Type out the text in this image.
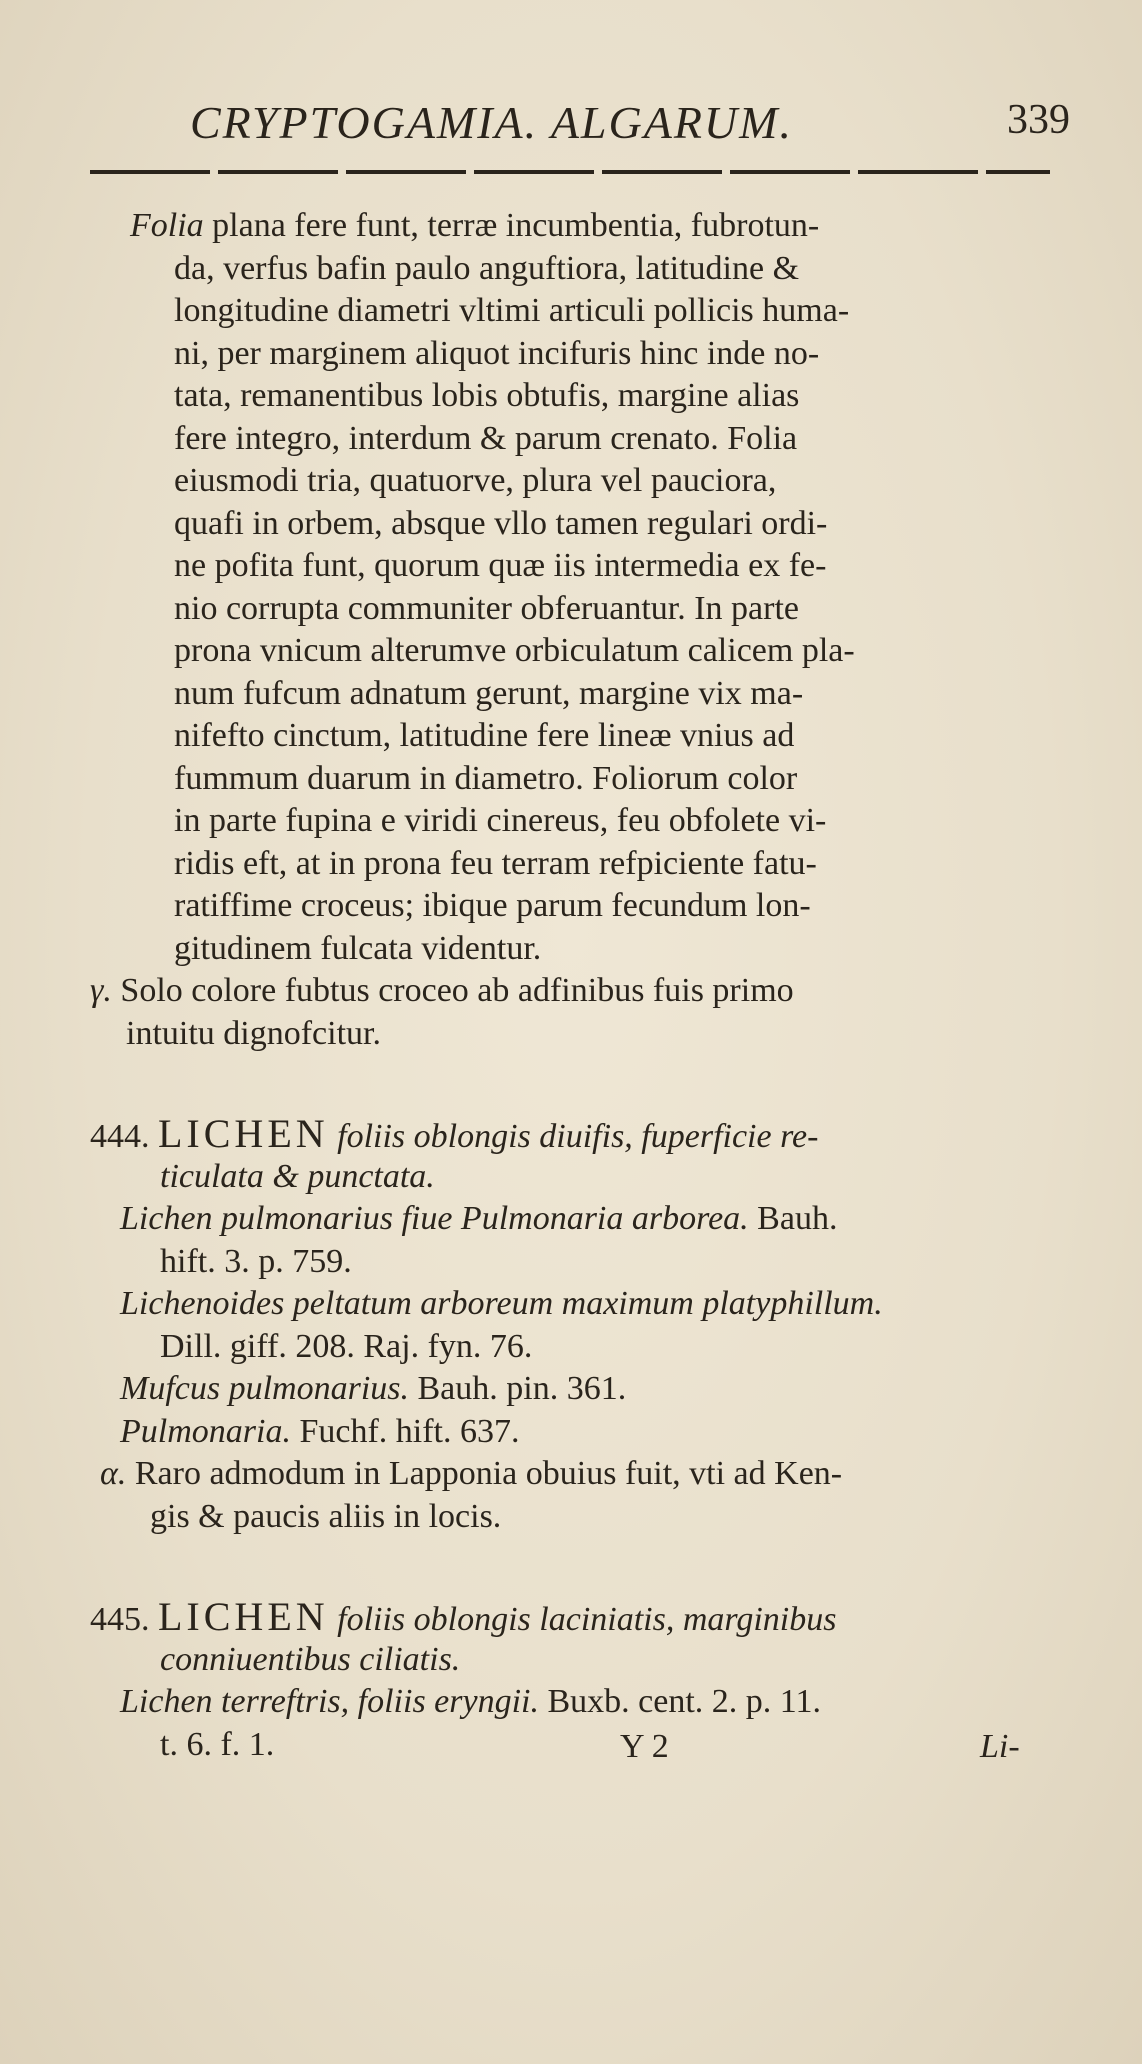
CRYPTOGAMIA. ALGARUM.	339
Folia plana fere funt, terræ incumbentia, fubrotun-
da, verfus bafin paulo anguftiora, latitudine &
longitudine diametri vltimi articuli pollicis huma-
ni, per marginem aliquot incifuris hinc inde no-
tata, remanentibus lobis obtufis, margine alias
fere integro, interdum & parum crenato. Folia
eiusmodi tria, quatuorve, plura vel pauciora,
quafi in orbem, absque vllo tamen regulari ordi-
ne pofita funt, quorum quæ iis intermedia ex fe-
nio corrupta communiter obferuantur. In parte
prona vnicum alterumve orbiculatum calicem pla-
num fufcum adnatum gerunt, margine vix ma-
nifefto cinctum, latitudine fere lineæ vnius ad
fummum duarum in diametro. Foliorum color
in parte fupina e viridi cinereus, feu obfolete vi-
ridis eft, at in prona feu terram refpiciente fatu-
ratiffime croceus; ibique parum fecundum lon-
gitudinem fulcata videntur.
γ. Solo colore fubtus croceo ab adfinibus fuis primo
intuitu dignofcitur.
444. LICHEN foliis oblongis diuifis, fuperficie re-
ticulata & punctata.
Lichen pulmonarius fiue Pulmonaria arborea. Bauh.
hift. 3. p. 759.
Lichenoides peltatum arboreum maximum platyphillum.
Dill. giff. 208. Raj. fyn. 76.
Mufcus pulmonarius. Bauh. pin. 361.
Pulmonaria. Fuchf. hift. 637.
α. Raro admodum in Lapponia obuius fuit, vti ad Ken-
gis & paucis aliis in locis.
445. LICHEN foliis oblongis laciniatis, marginibus
conniuentibus ciliatis.
Lichen terreftris, foliis eryngii. Buxb. cent. 2. p. 11.
t. 6. f. 1.	Y 2	Li-
